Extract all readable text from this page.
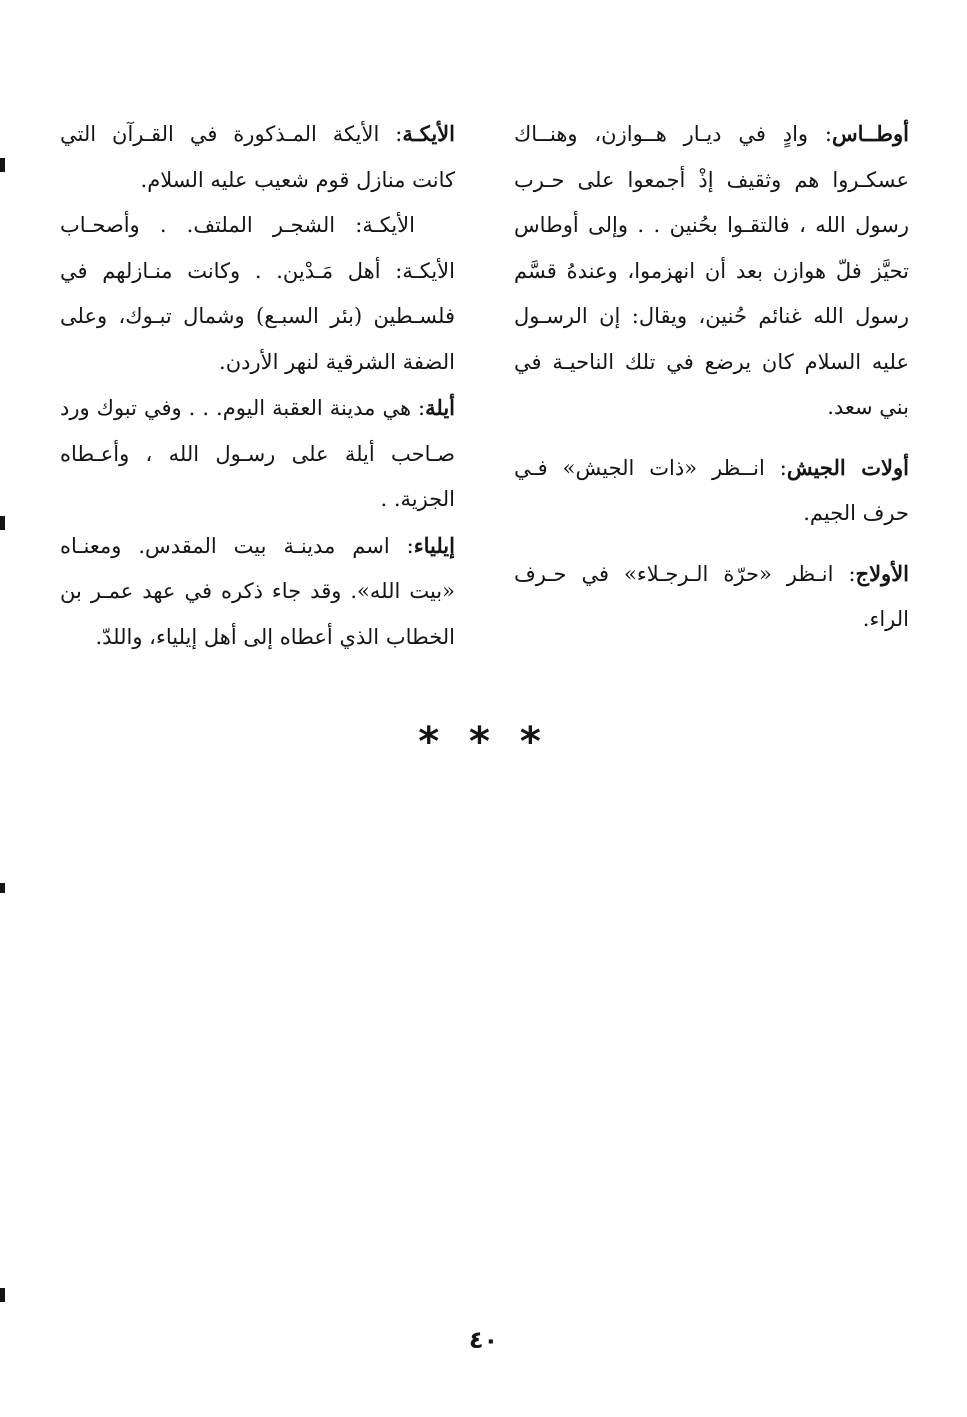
أوطــاس: وادٍ في ديـار هــوازن، وهنــاك عسكـروا هم وثقيف إذْ أجمعوا على حـرب رسول الله ، فالتقـوا بحُنين . . وإلى أوطاس تحيَّز فلّ هوازن بعد أن انهزموا، وعندهُ قسَّم رسول الله غنائم حُنين، ويقال: إن الرسـول عليه السلام كان يرضع في تلك الناحيـة في بني سعد.

أولات الجيش: انــظر «ذات الجيش» فـي حرف الجيم.

الأولاج: انـظر «حرّة الـرجـلاء» في حـرف الراء.

الأيكـة: الأيكة المـذكورة في القـرآن التي كانت منازل قوم شعيب عليه السلام.

الأيكـة: الشجـر الملتف. . وأصحـاب الأيكـة: أهل مَـدْين. . وكانت منـازلهم في فلسـطين (بئر السبـع) وشمال تبـوك، وعلى الضفة الشرقية لنهر الأردن.

أيلة: هي مدينة العقبة اليوم. . . وفي تبوك ورد صـاحب أيلة على رسـول الله ، وأعـطاه الجزية. .

إيلياء: اسم مدينـة بيت المقدس. ومعنـاه «بيت الله». وقد جاء ذكره في عهد عمـر بن الخطاب الذي أعطاه إلى أهل إيلياء، واللدّ.

* * *
٤٠
